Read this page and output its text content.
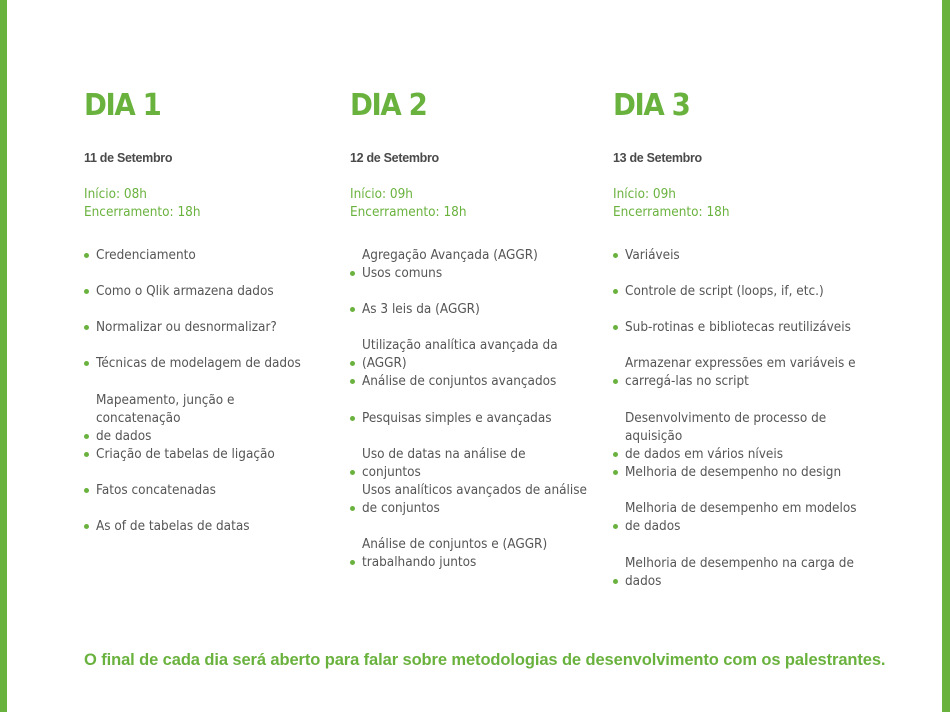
DIA 1
11 de Setembro
Início: 08h
Encerramento: 18h
Credenciamento
Como o Qlik armazena dados
Normalizar ou desnormalizar?
Técnicas de modelagem de dados
Mapeamento, junção e concatenação
de dados
Criação de tabelas de ligação
Fatos concatenadas
As of de tabelas de datas
DIA 2
12 de Setembro
Início: 09h
Encerramento: 18h
Agregação Avançada (AGGR)
Usos comuns
As 3 leis da (AGGR)
Utilização analítica avançada da (AGGR)
Análise de conjuntos avançados
Pesquisas simples e avançadas
Uso de datas na análise de conjuntos
Usos analíticos avançados de análise
de conjuntos
Análise de conjuntos e (AGGR)
trabalhando juntos
DIA 3
13 de Setembro
Início: 09h
Encerramento: 18h
Variáveis
Controle de script (loops, if, etc.)
Sub-rotinas e bibliotecas reutilizáveis
Armazenar expressões em variáveis e
carregá-las no script
Desenvolvimento de processo de aquisição
de dados em vários níveis
Melhoria de desempenho no design
Melhoria de desempenho em modelos
de dados
Melhoria de desempenho na carga de dados
O final de cada dia será aberto para falar sobre metodologias de desenvolvimento com os palestrantes.
